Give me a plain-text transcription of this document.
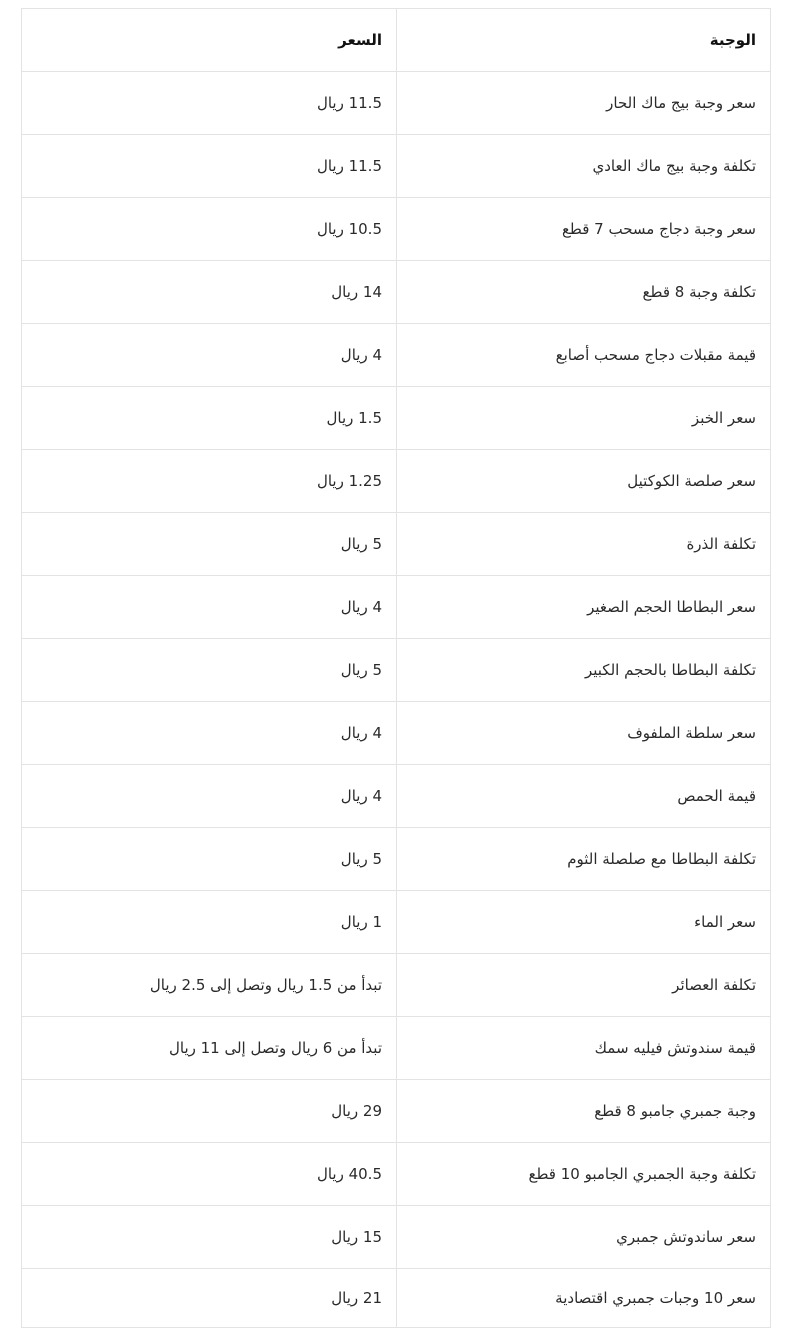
الوجبة	السعر
سعر وجبة بيج ماك الحار	11.5 ريال
تكلفة وجبة بيج ماك العادي	11.5 ريال
سعر وجبة دجاج مسحب 7 قطع	10.5 ريال
تكلفة وجبة 8 قطع	14 ريال
قيمة مقبلات دجاج مسحب أصابع	4 ريال
سعر الخبز	1.5 ريال
سعر صلصة الكوكتيل	1.25 ريال
تكلفة الذرة	5 ريال
سعر البطاطا الحجم الصغير	4 ريال
تكلفة البطاطا بالحجم الكبير	5 ريال
سعر سلطة الملفوف	4 ريال
قيمة الحمص	4 ريال
تكلفة البطاطا مع صلصلة الثوم	5 ريال
سعر الماء	1 ريال
تكلفة العصائر	تبدأ من 1.5 ريال وتصل إلى 2.5 ريال
قيمة سندوتش فيليه سمك	تبدأ من 6 ريال وتصل إلى 11 ريال
وجبة جمبري جامبو 8 قطع	29 ريال
تكلفة وجبة الجمبري الجامبو 10 قطع	40.5 ريال
سعر ساندوتش جمبري	15 ريال
سعر 10 وجبات جمبري اقتصادية	21 ريال
